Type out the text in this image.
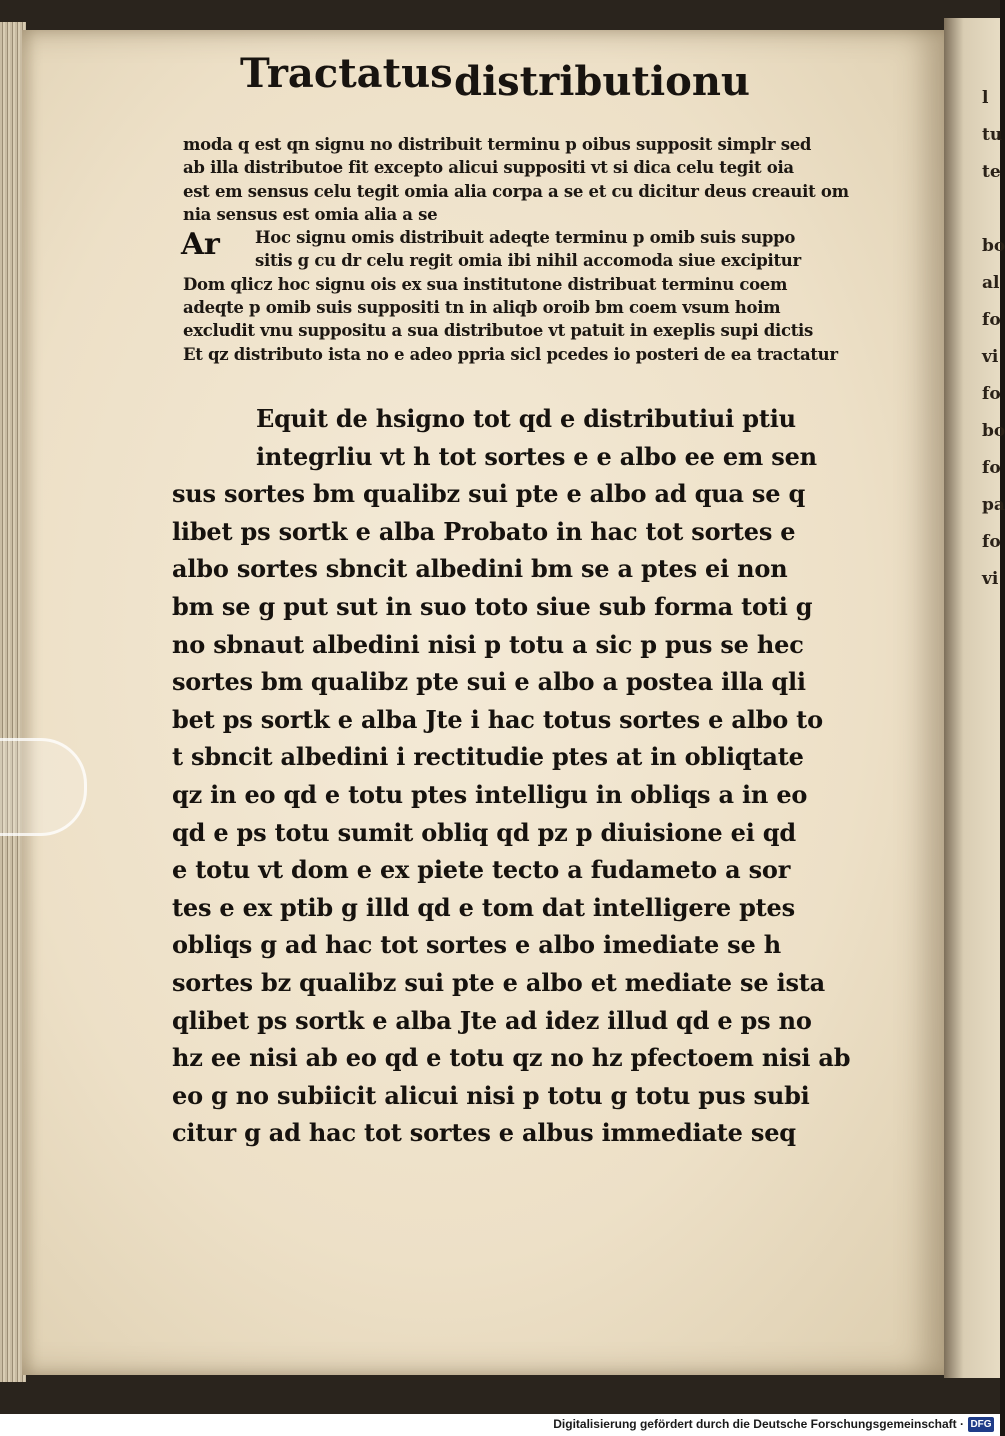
l
tu
te

bo
al
fo
vi
fo
bo
fo
pa
fo
vi
Tractatus distributionu
moda q est qn signu no distribuit terminu p oibus supposit simplr sed
ab illa distributoe fit excepto alicui suppositi vt si dica celu tegit oia
est em sensus celu tegit omia alia corpa a se et cu dicitur deus creauit om
nia sensus est omia alia a se
Ar	Hoc signu omis distribuit adeqte terminu p omib suis suppo
sitis g cu dr celu regit omia ibi nihil accomoda siue excipitur
Dom qlicz hoc signu ois ex sua institutone distribuat terminu coem
adeqte p omib suis suppositi tn in aliqb oroib bm coem vsum hoim
excludit vnu suppositu a sua distributoe vt patuit in exeplis supi dictis
Et qz distributo ista no e adeo ppria sicl pcedes io posteri de ea tractatur
Equit de hsigno tot qd e distributiui ptiu
integrliu vt h tot sortes e e albo ee em sen
sus sortes bm qualibz sui pte e albo ad qua se q
libet ps sortk e alba Probato in hac tot sortes e
albo sortes sbncit albedini bm se a ptes ei non
bm se g put sut in suo toto siue sub forma toti g
no sbnaut albedini nisi p totu a sic p pus se hec
sortes bm qualibz pte sui e albo a postea illa qli
bet ps sortk e alba Jte i hac totus sortes e albo to
t sbncit albedini i rectitudie ptes at in obliqtate
qz in eo qd e totu ptes intelligu in obliqs a in eo
qd e ps totu sumit obliq qd pz p diuisione ei qd
e totu vt dom e ex piete tecto a fudameto a sor
tes e ex ptib g illd qd e tom dat intelligere ptes
obliqs g ad hac tot sortes e albo imediate se h
sortes bz qualibz sui pte e albo et mediate se ista
qlibet ps sortk e alba Jte ad idez illud qd e ps no
hz ee nisi ab eo qd e totu qz no hz pfectoem nisi ab
eo g no subiicit alicui nisi p totu g totu pus subi
citur g ad hac tot sortes e albus immediate seq
Digitalisierung gefördert durch die Deutsche Forschungsgemeinschaft · DFG
